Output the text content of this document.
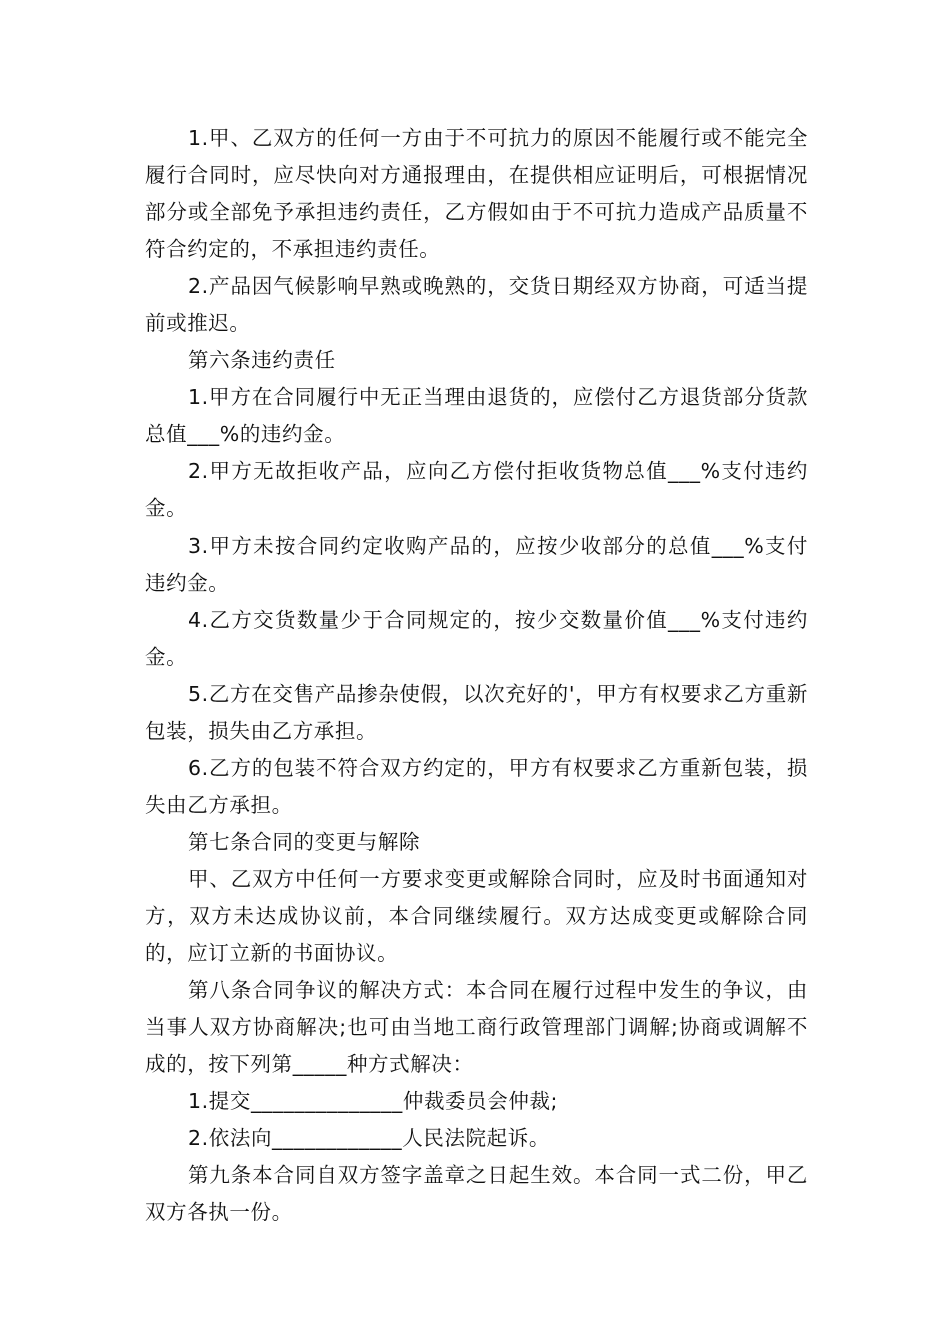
1.甲、乙双方的任何一方由于不可抗力的原因不能履行或不能完全履行合同时，应尽快向对方通报理由，在提供相应证明后，可根据情况部分或全部免予承担违约责任，乙方假如由于不可抗力造成产品质量不符合约定的，不承担违约责任。

2.产品因气候影响早熟或晚熟的，交货日期经双方协商，可适当提前或推迟。

第六条违约责任

1.甲方在合同履行中无正当理由退货的，应偿付乙方退货部分货款总值___%的违约金。

2.甲方无故拒收产品，应向乙方偿付拒收货物总值___%支付违约金。

3.甲方未按合同约定收购产品的，应按少收部分的总值___%支付违约金。

4.乙方交货数量少于合同规定的，按少交数量价值___%支付违约金。

5.乙方在交售产品掺杂使假，以次充好的'，甲方有权要求乙方重新包装，损失由乙方承担。

6.乙方的包装不符合双方约定的，甲方有权要求乙方重新包装，损失由乙方承担。

第七条合同的变更与解除

甲、乙双方中任何一方要求变更或解除合同时，应及时书面通知对方，双方未达成协议前，本合同继续履行。双方达成变更或解除合同的，应订立新的书面协议。

第八条合同争议的解决方式：本合同在履行过程中发生的争议，由当事人双方协商解决;也可由当地工商行政管理部门调解;协商或调解不成的，按下列第_____种方式解决：

1.提交______________仲裁委员会仲裁;

2.依法向____________人民法院起诉。

第九条本合同自双方签字盖章之日起生效。本合同一式二份，甲乙双方各执一份。
